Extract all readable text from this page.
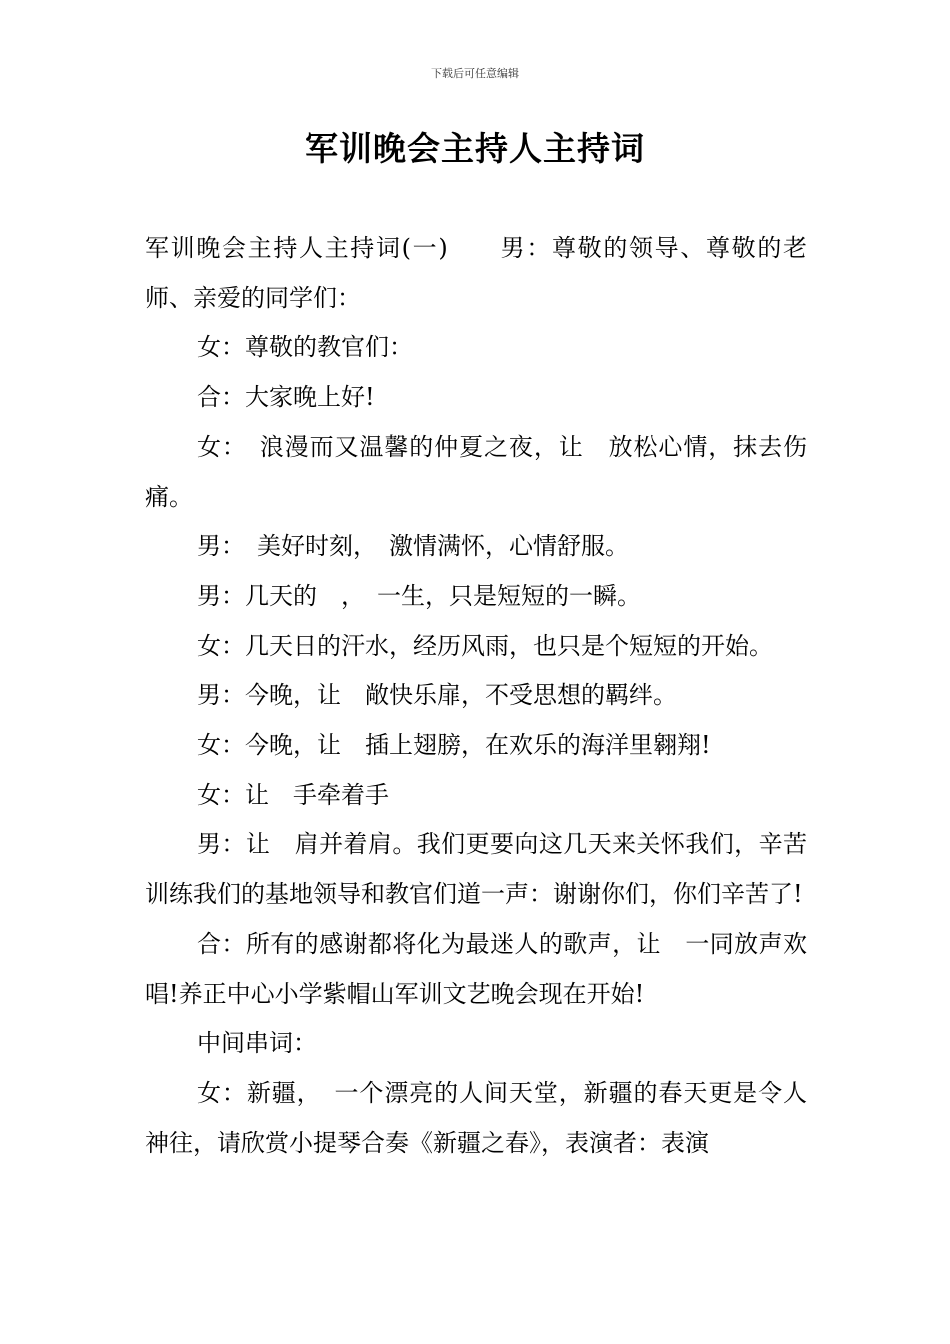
下载后可任意编辑
军训晚会主持人主持词

军训晚会主持人主持词(一)　　男：尊敬的领导、尊敬的老师、亲爱的同学们：

女：尊敬的教官们：

合：大家晚上好!

女：　浪漫而又温馨的仲夏之夜，让　放松心情，抹去伤痛。

男：　美好时刻，　激情满怀，心情舒服。

男：几天的　，　一生，只是短短的一瞬。

女：几天日的汗水，经历风雨，也只是个短短的开始。

男：今晚，让　敞快乐扉，不受思想的羁绊。

女：今晚，让　插上翅膀，在欢乐的海洋里翱翔!

女：让　手牵着手

男：让　肩并着肩。我们更要向这几天来关怀我们，辛苦训练我们的基地领导和教官们道一声：谢谢你们，你们辛苦了!

合：所有的感谢都将化为最迷人的歌声，让　一同放声欢唱!养正中心小学紫帽山军训文艺晚会现在开始!

中间串词：

女：新疆，　一个漂亮的人间天堂，新疆的春天更是令人神往，请欣赏小提琴合奏《新疆之春》，表演者：表演
